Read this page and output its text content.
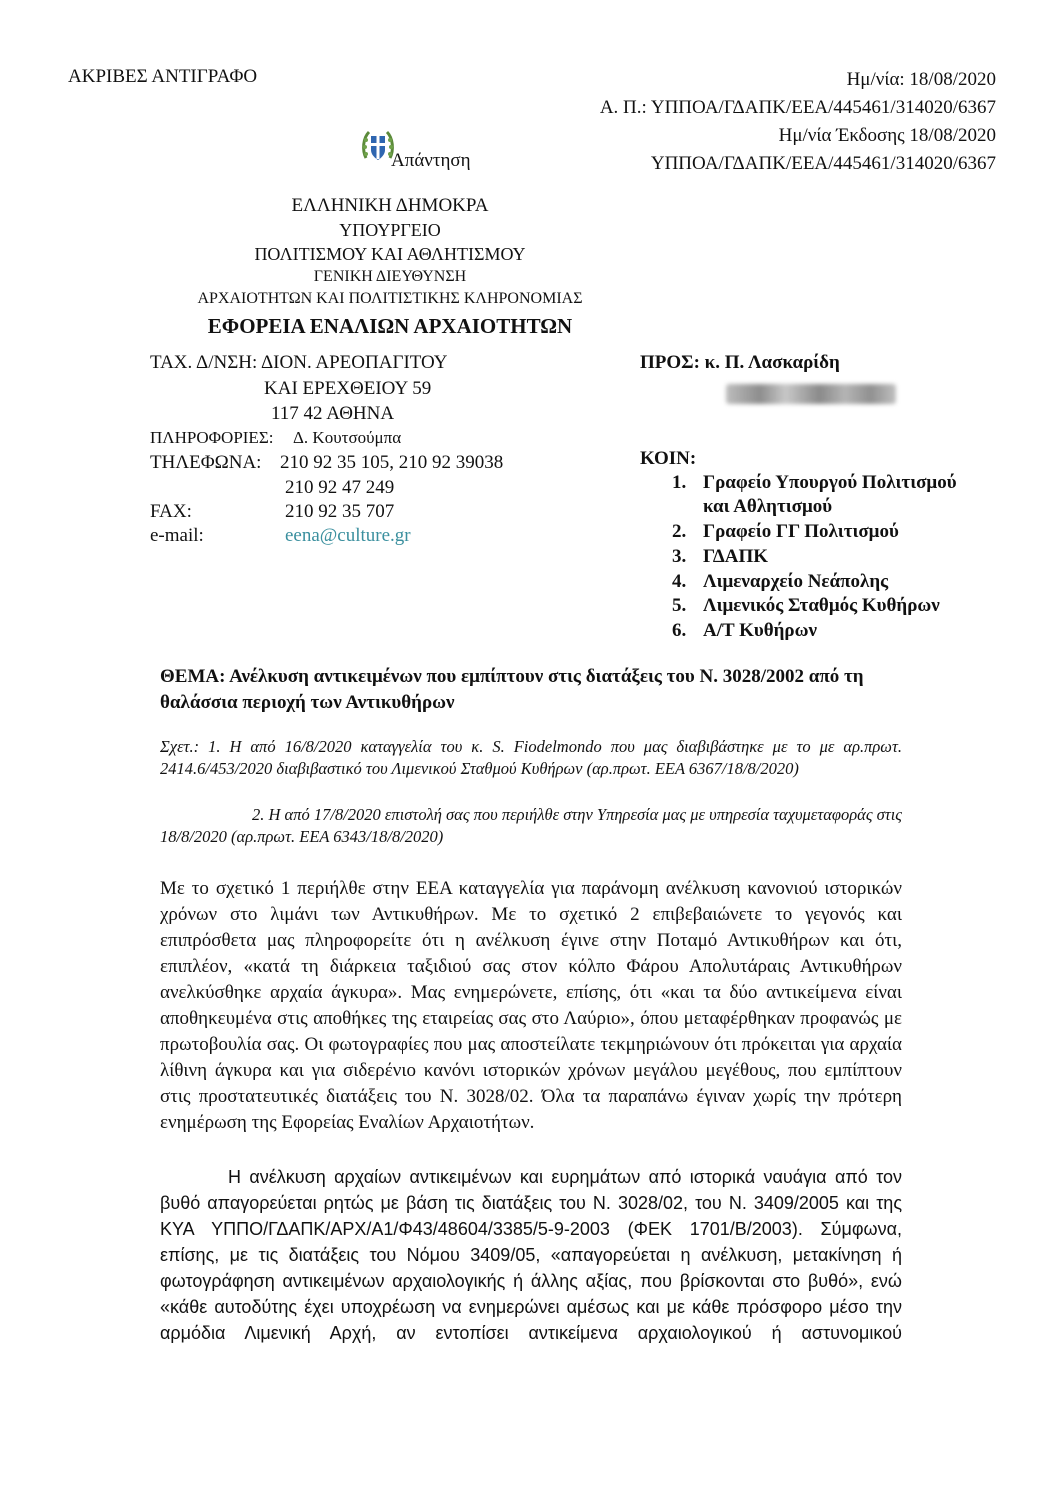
ΑΚΡΙΒΕΣ ΑΝΤΙΓΡΑΦΟ	Ημ/νία: 18/08/2020
Α. Π.: ΥΠΠΟΑ/ΓΔΑΠΚ/ΕΕΑ/445461/314020/6367
Ημ/νία Έκδοσης 18/08/2020
ΥΠΠΟΑ/ΓΔΑΠΚ/ΕΕΑ/445461/314020/6367
Απάντηση
ΕΛΛΗΝΙΚΗ ΔΗΜΟΚΡΑ
ΥΠΟΥΡΓΕΙΟ
ΠΟΛΙΤΙΣΜΟΥ ΚΑΙ ΑΘΛΗΤΙΣΜΟΥ
ΓΕΝΙΚΗ ΔΙΕΥΘΥΝΣΗ
ΑΡΧΑΙΟΤΗΤΩΝ ΚΑΙ ΠΟΛΙΤΙΣΤΙΚΗΣ ΚΛΗΡΟΝΟΜΙΑΣ
ΕΦΟΡΕΙΑ ΕΝΑΛΙΩΝ ΑΡΧΑΙΟΤΗΤΩΝ
ΤΑΧ. Δ/ΝΣΗ: ΔΙΟΝ. ΑΡΕΟΠΑΓΙΤΟΥ
ΚΑΙ ΕΡΕΧΘΕΙΟΥ 59
117 42 ΑΘΗΝΑ
ΠΛΗΡΟΦΟΡΙΕΣ: Δ. Κουτσούμπα
ΤΗΛΕΦΩΝΑ: 210 92 35 105, 210 92 39038
210 92 47 249
FAX:	210 92 35 707
e-mail:	eena@culture.gr
ΠΡΟΣ: κ. Π. Λασκαρίδη
ΚΟΙΝ:
1. Γραφείο Υπουργού Πολιτισμού
και Αθλητισμού
2. Γραφείο ΓΓ Πολιτισμού
3. ΓΔΑΠΚ
4. Λιμεναρχείο Νεάπολης
5. Λιμενικός Σταθμός Κυθήρων
6. Α/Τ Κυθήρων
ΘΕΜΑ: Ανέλκυση αντικειμένων που εμπίπτουν στις διατάξεις του Ν. 3028/2002 από τη θαλάσσια περιοχή των Αντικυθήρων
Σχετ.: 1. Η από 16/8/2020 καταγγελία του κ. S. Fiodelmondo που μας διαβιβάστηκε με το με αρ.πρωτ. 2414.6/453/2020 διαβιβαστικό του Λιμενικού Σταθμού Κυθήρων (αρ.πρωτ. ΕΕΑ 6367/18/8/2020)
2. Η από 17/8/2020 επιστολή σας που περιήλθε στην Υπηρεσία μας με υπηρεσία ταχυμεταφοράς στις 18/8/2020 (αρ.πρωτ. ΕΕΑ 6343/18/8/2020)
Με το σχετικό 1 περιήλθε στην ΕΕΑ καταγγελία για παράνομη ανέλκυση κανονιού ιστορικών χρόνων στο λιμάνι των Αντικυθήρων. Με το σχετικό 2 επιβεβαιώνετε το γεγονός και επιπρόσθετα μας πληροφορείτε ότι η ανέλκυση έγινε στην Ποταμό Αντικυθήρων και ότι, επιπλέον, «κατά τη διάρκεια ταξιδιού σας στον κόλπο Φάρου Απολυτάραις Αντικυθήρων ανελκύσθηκε αρχαία άγκυρα». Μας ενημερώνετε, επίσης, ότι «και τα δύο αντικείμενα είναι αποθηκευμένα στις αποθήκες της εταιρείας σας στο Λαύριο», όπου μεταφέρθηκαν προφανώς με πρωτοβουλία σας. Οι φωτογραφίες που μας αποστείλατε τεκμηριώνουν ότι πρόκειται για αρχαία λίθινη άγκυρα και για σιδερένιο κανόνι ιστορικών χρόνων μεγάλου μεγέθους, που εμπίπτουν στις προστατευτικές διατάξεις του Ν. 3028/02. Όλα τα παραπάνω έγιναν χωρίς την πρότερη ενημέρωση της Εφορείας Εναλίων Αρχαιοτήτων.
Η ανέλκυση αρχαίων αντικειμένων και ευρημάτων από ιστορικά ναυάγια από τον βυθό απαγορεύεται ρητώς με βάση τις διατάξεις του Ν. 3028/02, του Ν. 3409/2005 και της ΚΥΑ ΥΠΠΟ/ΓΔΑΠΚ/ΑΡΧ/Α1/Φ43/48604/3385/5-9-2003 (ΦΕΚ 1701/Β/2003). Σύμφωνα, επίσης, με τις διατάξεις του Νόμου 3409/05, «απαγορεύεται η ανέλκυση, μετακίνηση ή φωτογράφηση αντικειμένων αρχαιολογικής ή άλλης αξίας, που βρίσκονται στο βυθό», ενώ «κάθε αυτοδύτης έχει υποχρέωση να ενημερώνει αμέσως και με κάθε πρόσφορο μέσο την αρμόδια Λιμενική Αρχή, αν εντοπίσει αντικείμενα αρχαιολογικού ή αστυνομικού
